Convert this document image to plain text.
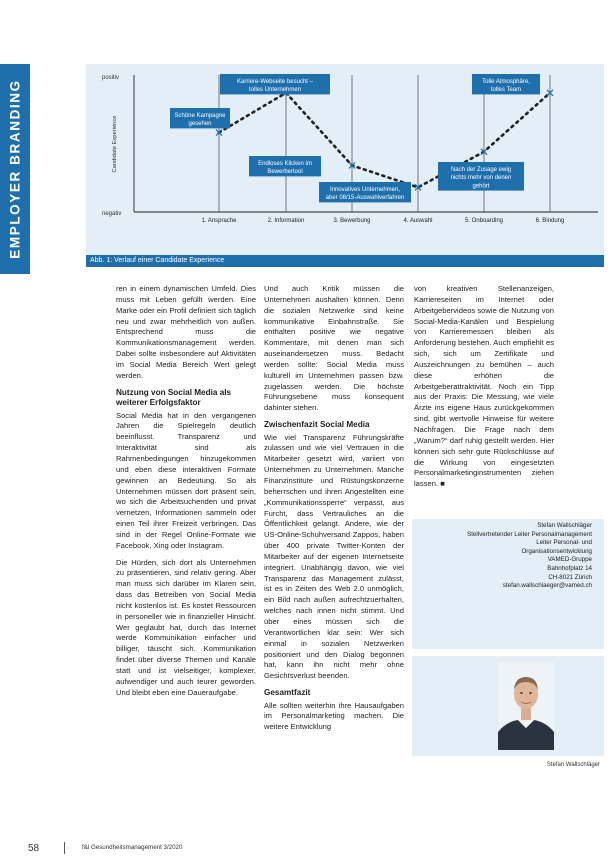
EMPLOYER BRANDING
positiv
negativ
Candidate Experience
1. Ansprache	2. Information	3. Bewerbung	4. Auswahl	5. Onboarding	6. Bindung
Schöne Kampagne
gesehen
Karriere-Webseite besucht –
tolles Unternehmen
Endloses Klicken im
Bewerbertool
Innovatives Unternehmen,
aber 08/15-Auswahlverfahren
Nach der Zusage ewig
nichts mehr von denen
gehört
Tolle Atmosphäre,
tolles Team
Abb. 1: Verlauf einer Candidate Experience

ren in einem dynamischen Umfeld. Dies muss mit Leben gefüllt werden. Eine Marke oder ein Profil definiert sich täglich neu und zwar mehrheitlich von außen. Entsprechend muss die Kommunikationsmanagement werden. Dabei sollte insbesondere auf Aktivitäten im Social Media Bereich Wert gelegt werden.

Nutzung von Social Media als weiterer Erfolgsfaktor

Social Media hat in den vergangenen Jahren die Spielregeln deutlich beeinflusst. Transparenz und Interaktivität sind als Rahmenbedingungen hinzugekommen und eben diese interaktiven Formate gewinnen an Bedeutung. So als Unternehmen müssen dort präsent sein, wo sich die Arbeitsuchenden und privat vernetzen, Informationen sammeln oder einen Teil ihrer Freizeit verbringen. Das sind in der Regel Online-Formate wie Facebook, Xing oder Instagram.

Die Hürden, sich dort als Unternehmen zu präsentieren, sind relativ gering. Aber man muss sich darüber im Klaren sein, dass das Betreiben von Social Media nicht kostenlos ist. Es kostet Ressourcen in personeller wie in finanzieller Hinsicht. Wer geglaubt hat, durch das Internet werde Kommunikation einfacher und billiger, täuscht sich. Kommunikation findet über diverse Themen und Kanäle statt und ist vielseitiger, komplexer, aufwendiger und auch teurer geworden. Und bleibt eben eine Daueraufgabe.

Und auch Kritik müssen die Unternehmen aushalten können. Denn die sozialen Netzwerke sind keine kommunikative Einbahnstraße. Sie enthalten positive wie negative Kommentare, mit denen man sich auseinandersetzen muss. Bedacht werden sollte: Social Media muss kulturell im Unternehmen passen bzw. zugelassen werden. Die höchste Führungsebene muss konsequent dahinter stehen.

Zwischenfazit Social Media

Wie viel Transparenz Führungskräfte zulassen und wie viel Vertrauen in die Mitarbeiter gesetzt wird, variiert von Unternehmen zu Unternehmen. Manche Finanzinstitute und Rüstungskonzerne beherrschen und ihren Angestellten eine „Kommunikationssperre“ verpasst, aus Furcht, dass Vertrauliches an die Öffentlichkeit gelangt. Andere, wie der US-Online-Schuhversand Zappos, haben über 400 private Twitter-Konten der Mitarbeiter auf der eigenen Internetseite integriert. Unabhängig davon, wie viel Transparenz das Management zulässt, ist es in Zeiten des Web 2.0 unmöglich, ein Bild nach außen aufrechtzuerhalten, welches nach innen nicht stimmt. Und über eines müssen sich die Verantwortlichen klar sein: Wer sich einmal in sozialen Netzwerken positioniert und den Dialog begonnen hat, kann ihn nicht mehr ohne Gesichtsverlust beenden.

Gesamtfazit

Alle sollten weiterhin ihre Hausaufgaben im Personalmarketing machen. Die weitere Entwicklung

von kreativen Stellenanzeigen, Karriereseiten im Internet oder Arbeitgebervideos sowie die Nutzung von Social-Media-Kanälen und Bespielung von Karrieremessen bleiben als Anforderung bestehen. Auch empfiehlt es sich, sich um Zertifikate und Auszeichnungen zu bemühen – auch diese erhöhen die Arbeitgeberattraktivität. Noch ein Tipp aus der Praxis: Die Messung, wie viele Ärzte ins eigene Haus zurückgekommen sind, gibt wertvolle Hinweise für weitere Nachfragen. Die Frage nach dem „Warum?“ darf ruhig gestellt werden. Hier können sich sehr gute Rückschlüsse auf die Wirkung von eingesetzten Personalmarketinginstrumenten ziehen lassen. ■

Stefan Wallschläger
Stellvertretender Leiter Personalmanagement
Leiter Personal- und
Organisationsentwicklung
VAMED-Gruppe
Bahnhofplatz 14
CH-8021 Zürich
stefan.wallschlaeger@vamed.ch
Stefan Wallschläger
58	f&l Gesundheitsmanagement 3/2020
